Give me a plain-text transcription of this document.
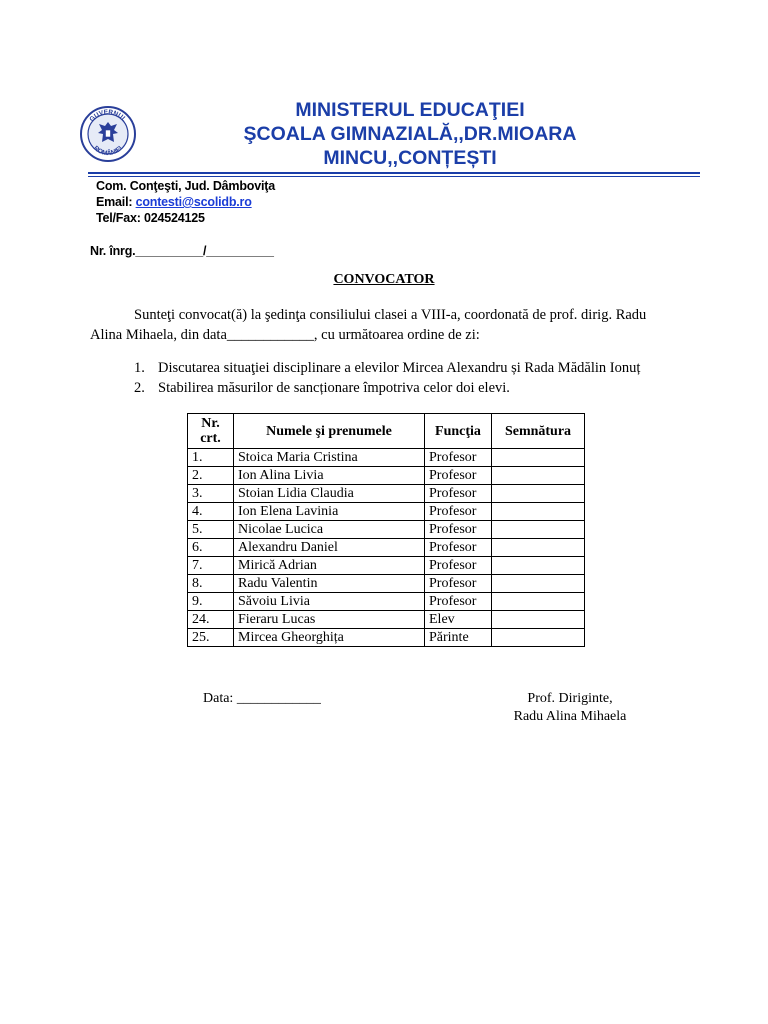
GUVERNUL
ROMÂNIEI
MINISTERUL EDUCAŢIEI
ŞCOALA GIMNAZIALĂ,,DR.MIOARA
MINCU,,CONȚEȘTI
Com. Conţeşti, Jud. Dâmboviţa
Email: contesti@scolidb.ro
Tel/Fax: 024524125
Nr. înrg.__________/__________
CONVOCATOR
Sunteţi convocat(ă) la şedinţa consiliului clasei a VIII-a, coordonată de prof. dirig. Radu
Alina Mihaela, din data____________, cu următoarea ordine de zi:
1. Discutarea situaţiei disciplinare a elevilor Mircea Alexandru și Rada Mădălin Ionuț
2. Stabilirea măsurilor de sancționare împotriva celor doi elevi.
Nr. crt.	Numele şi prenumele	Funcţia	Semnătura
1.	Stoica Maria Cristina	Profesor	
2.	Ion Alina Livia	Profesor	
3.	Stoian Lidia Claudia	Profesor	
4.	Ion Elena Lavinia	Profesor	
5.	Nicolae Lucica	Profesor	
6.	Alexandru Daniel	Profesor	
7.	Mirică Adrian	Profesor	
8.	Radu Valentin	Profesor	
9.	Săvoiu Livia	Profesor	
24.	Fieraru Lucas	Elev	
25.	Mircea Gheorghița	Părinte	
Data: ____________	Prof. Diriginte,
Radu Alina Mihaela
